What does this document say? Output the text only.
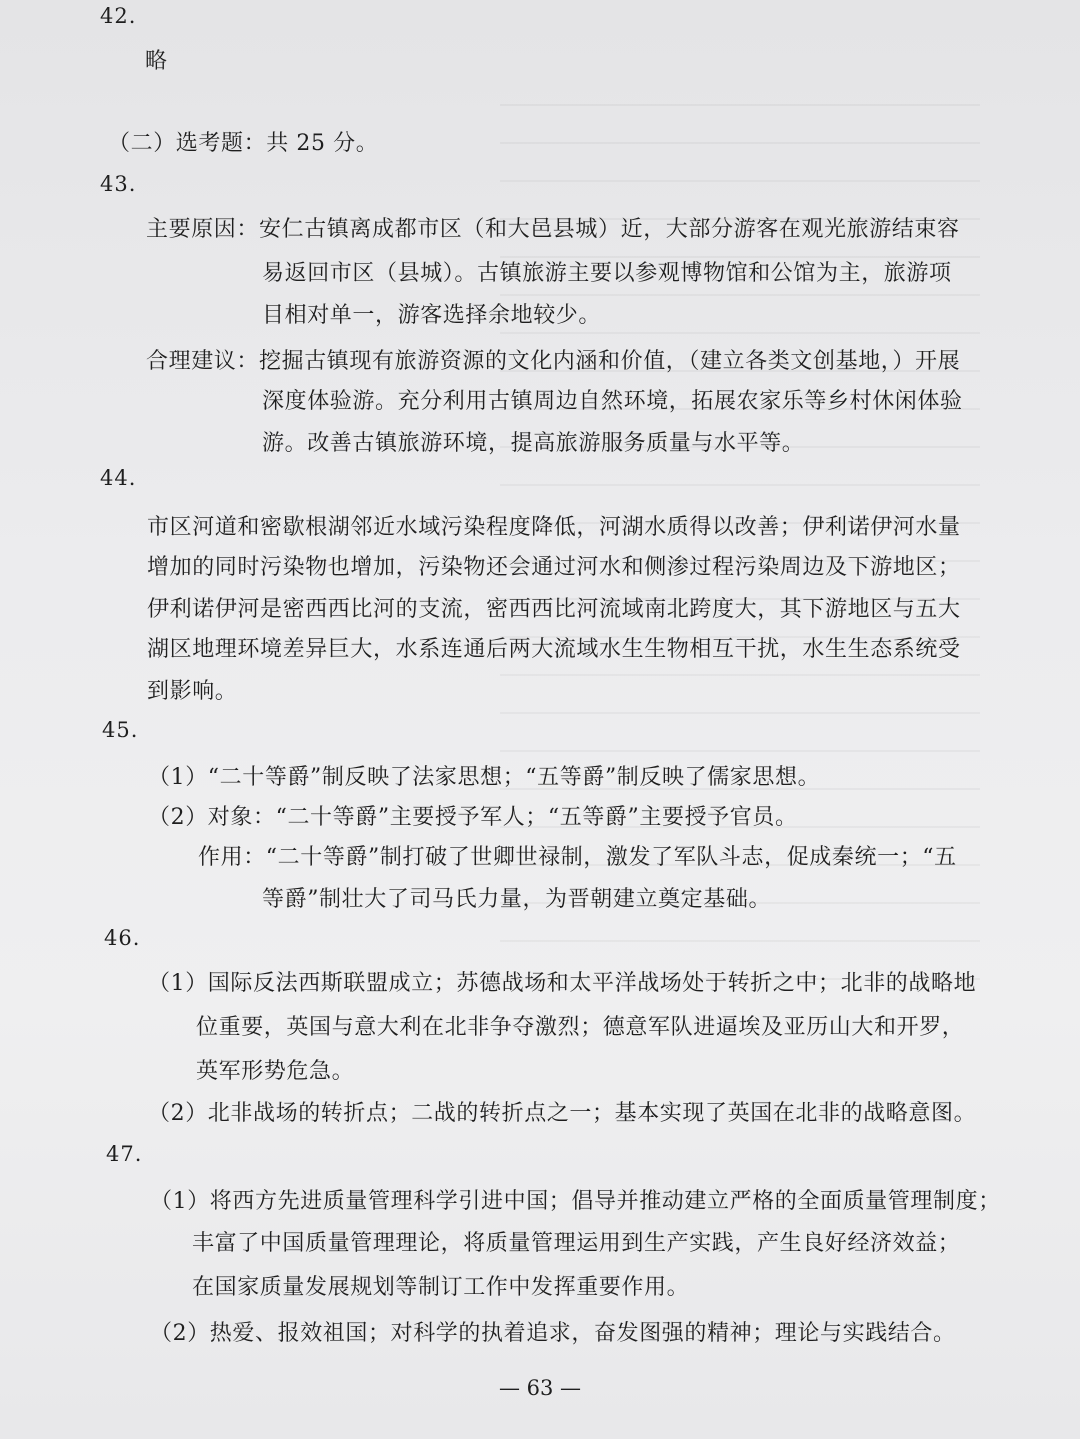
42.
略
（二）选考题：共 25 分。
43.
主要原因：安仁古镇离成都市区（和大邑县城）近，大部分游客在观光旅游结束容
易返回市区（县城）。古镇旅游主要以参观博物馆和公馆为主，旅游项
目相对单一，游客选择余地较少。
合理建议：挖掘古镇现有旅游资源的文化内涵和价值，（建立各类文创基地，）开展
深度体验游。充分利用古镇周边自然环境，拓展农家乐等乡村休闲体验
游。改善古镇旅游环境，提高旅游服务质量与水平等。
44.
市区河道和密歇根湖邻近水域污染程度降低，河湖水质得以改善；伊利诺伊河水量
增加的同时污染物也增加，污染物还会通过河水和侧渗过程污染周边及下游地区；
伊利诺伊河是密西西比河的支流，密西西比河流域南北跨度大，其下游地区与五大
湖区地理环境差异巨大，水系连通后两大流域水生生物相互干扰，水生生态系统受
到影响。
45.
（1）“二十等爵”制反映了法家思想；“五等爵”制反映了儒家思想。
（2）对象：“二十等爵”主要授予军人；“五等爵”主要授予官员。
作用：“二十等爵”制打破了世卿世禄制，激发了军队斗志，促成秦统一；“五
等爵”制壮大了司马氏力量，为晋朝建立奠定基础。
46.
（1）国际反法西斯联盟成立；苏德战场和太平洋战场处于转折之中；北非的战略地
位重要，英国与意大利在北非争夺激烈；德意军队进逼埃及亚历山大和开罗，
英军形势危急。
（2）北非战场的转折点；二战的转折点之一；基本实现了英国在北非的战略意图。
47.
（1）将西方先进质量管理科学引进中国；倡导并推动建立严格的全面质量管理制度；
丰富了中国质量管理理论，将质量管理运用到生产实践，产生良好经济效益；
在国家质量发展规划等制订工作中发挥重要作用。
（2）热爱、报效祖国；对科学的执着追求，奋发图强的精神；理论与实践结合。
— 63 —
